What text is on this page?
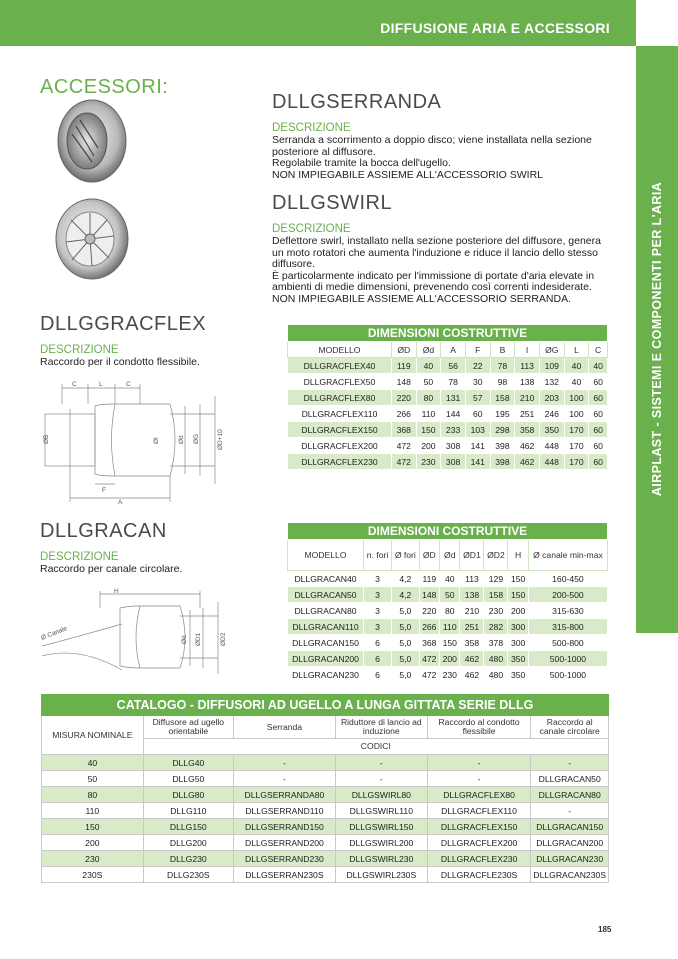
DIFFUSIONE ARIA E ACCESSORI
AIRPLAST - SISTEMI E COMPONENTI PER L'ARIA
ACCESSORI:
DLLGSERRANDA
DESCRIZIONE
Serranda a scorrimento a doppio disco; viene installata nella sezione
posteriore al diffusore.
Regolabile tramite la bocca dell'ugello.
NON IMPIEGABILE ASSIEME ALL'ACCESSORIO SWIRL
DLLGSWIRL
DESCRIZIONE
Deflettore swirl, installato nella sezione posteriore del diffusore, genera
un moto rotatori che aumenta l'induzione e riduce il lancio dello stesso
diffusore.
È particolarmente indicato per l'immissione di portate d'aria elevate in
ambienti di medie dimensioni, prevenendo così correnti indesiderate.
NON IMPIEGABILE ASSIEME ALL'ACCESSORIO SERRANDA.
DLLGGRACFLEX
DESCRIZIONE
Raccordo per il condotto flessibile.
C	L	C
F
A
ØB	ØI	Ød ØG	ØD+10
DIMENSIONI COSTRUTTIVE									
MODELLO	ØD	Ød	A	F	B	I	ØG	L	C
DLLGRACFLEX40	119	40	56	22	78	113	109	40	40
DLLGRACFLEX50	148	50	78	30	98	138	132	40	60
DLLGRACFLEX80	220	80	131	57	158	210	203	100	60
DLLGRACFLEX110	266	110	144	60	195	251	246	100	60
DLLGRACFLEX150	368	150	233	103	298	358	350	170	60
DLLGRACFLEX200	472	200	308	141	398	462	448	170	60
DLLGRACFLEX230	472	230	308	141	398	462	448	170	60
DLLGRACAN
DESCRIZIONE
Raccordo per canale circolare.
H
Ø Canale	Ød ØD1	ØD2
DIMENSIONI COSTRUTTIVE								
MODELLO	n. fori	Ø fori	ØD	Ød	ØD1	ØD2	H	Ø canale min-max
DLLGRACAN40	3	4,2	119	40	113	129	150	160-450
DLLGRACAN50	3	4,2	148	50	138	158	150	200-500
DLLGRACAN80	3	5,0	220	80	210	230	200	315-630
DLLGRACAN110	3	5,0	266	110	251	282	300	315-800
DLLGRACAN150	6	5,0	368	150	358	378	300	500-800
DLLGRACAN200	6	5,0	472	200	462	480	350	500-1000
DLLGRACAN230	6	5,0	472	230	462	480	350	500-1000
CATALOGO - DIFFUSORI AD UGELLO A LUNGA GITTATA SERIE DLLG					
MISURA NOMINALE	Diffusore ad ugello orientabile	Serranda	Riduttore di lancio ad induzione	Raccordo al condotto flessibile	Raccordo al canale circolare
	CODICI				
40	DLLG40	-	-	-	-
50	DLLG50	-	-	-	DLLGRACAN50
80	DLLG80	DLLGSERRANDA80	DLLGSWIRL80	DLLGRACFLEX80	DLLGRACAN80
110	DLLG110	DLLGSERRAND110	DLLGSWIRL110	DLLGRACFLEX110	-
150	DLLG150	DLLGSERRAND150	DLLGSWIRL150	DLLGRACFLEX150	DLLGRACAN150
200	DLLG200	DLLGSERRAND200	DLLGSWIRL200	DLLGRACFLEX200	DLLGRACAN200
230	DLLG230	DLLGSERRAND230	DLLGSWIRL230	DLLGRACFLEX230	DLLGRACAN230
230S	DLLG230S	DLLGSERRAN230S	DLLGSWIRL230S	DLLGRACFLE230S	DLLGRACAN230S
185
